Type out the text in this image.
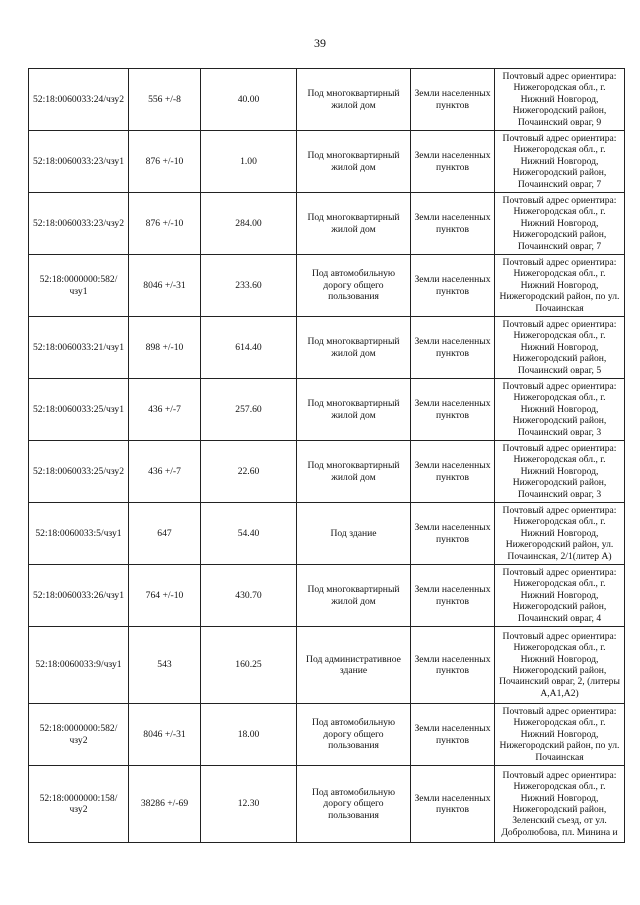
39
52:18:0060033:24/чзу2	556 +/-8	40.00	Под многоквартирный жилой дом	Земли населенных пунктов	Почтовый адрес ориентира: Нижегородская обл., г. Нижний Новгород, Нижегородский район, Почаинский овраг, 9
52:18:0060033:23/чзу1	876 +/-10	1.00	Под многоквартирный жилой дом	Земли населенных пунктов	Почтовый адрес ориентира: Нижегородская обл., г. Нижний Новгород, Нижегородский район, Почаинский овраг, 7
52:18:0060033:23/чзу2	876 +/-10	284.00	Под многоквартирный жилой дом	Земли населенных пунктов	Почтовый адрес ориентира: Нижегородская обл., г. Нижний Новгород, Нижегородский район, Почаинский овраг, 7
52:18:0000000:582/чзу1	8046 +/-31	233.60	Под автомобильную дорогу общего пользования	Земли населенных пунктов	Почтовый адрес ориентира: Нижегородская обл., г. Нижний Новгород, Нижегородский район, по ул. Почаинская
52:18:0060033:21/чзу1	898 +/-10	614.40	Под многоквартирный жилой дом	Земли населенных пунктов	Почтовый адрес ориентира: Нижегородская обл., г. Нижний Новгород, Нижегородский район, Почаинский овраг, 5
52:18:0060033:25/чзу1	436 +/-7	257.60	Под многоквартирный жилой дом	Земли населенных пунктов	Почтовый адрес ориентира: Нижегородская обл., г. Нижний Новгород, Нижегородский район, Почаинский овраг, 3
52:18:0060033:25/чзу2	436 +/-7	22.60	Под многоквартирный жилой дом	Земли населенных пунктов	Почтовый адрес ориентира: Нижегородская обл., г. Нижний Новгород, Нижегородский район, Почаинский овраг, 3
52:18:0060033:5/чзу1	647	54.40	Под здание	Земли населенных пунктов	Почтовый адрес ориентира: Нижегородская обл., г. Нижний Новгород, Нижегородский район, ул. Почаинская, 2/1(литер А)
52:18:0060033:26/чзу1	764 +/-10	430.70	Под многоквартирный жилой дом	Земли населенных пунктов	Почтовый адрес ориентира: Нижегородская обл., г. Нижний Новгород, Нижегородский район, Почаинский овраг, 4
52:18:0060033:9/чзу1	543	160.25	Под административное здание	Земли населенных пунктов	Почтовый адрес ориентира: Нижегородская обл., г. Нижний Новгород, Нижегородский район, Почаинский овраг, 2, (литеры А,А1,А2)
52:18:0000000:582/чзу2	8046 +/-31	18.00	Под автомобильную дорогу общего пользования	Земли населенных пунктов	Почтовый адрес ориентира: Нижегородская обл., г. Нижний Новгород, Нижегородский район, по ул. Почаинская
52:18:0000000:158/чзу2	38286 +/-69	12.30	Под автомобильную дорогу общего пользования	Земли населенных пунктов	Почтовый адрес ориентира: Нижегородская обл., г. Нижний Новгород, Нижегородский район, Зеленский съезд, от ул. Добролюбова, пл. Минина и
